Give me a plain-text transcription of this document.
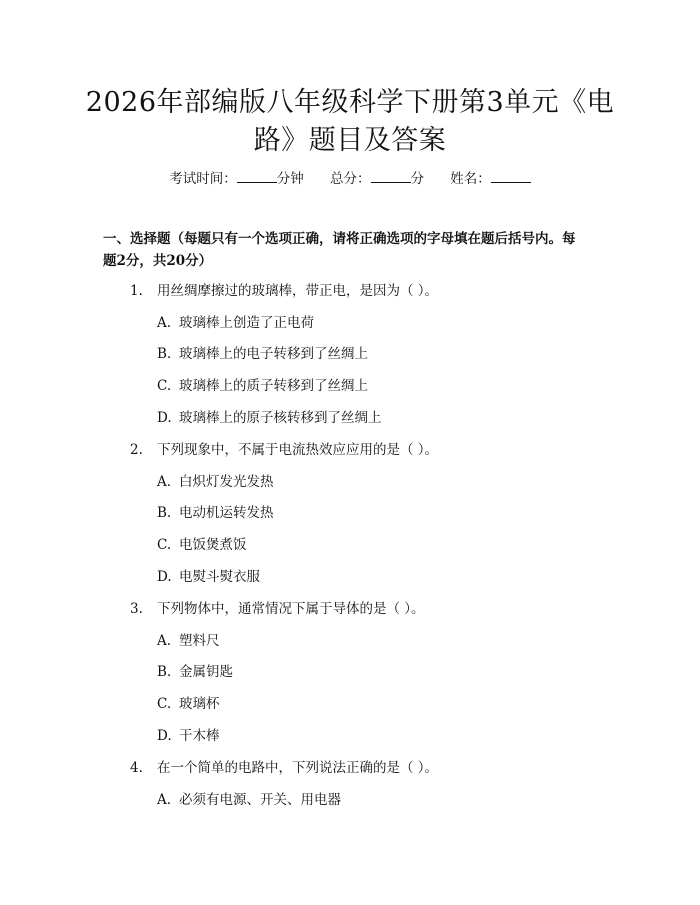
2026年部编版八年级科学下册第3单元《电
路》题目及答案
考试时间：	分钟 总分：	分 姓名：
一、选择题（每题只有一个选项正确，请将正确选项的字母填在题后括号内。每
题2分，共20分）
1. 用丝绸摩擦过的玻璃棒，带正电，是因为（ ）。
A. 玻璃棒上创造了正电荷
B. 玻璃棒上的电子转移到了丝绸上
C. 玻璃棒上的质子转移到了丝绸上
D. 玻璃棒上的原子核转移到了丝绸上
2. 下列现象中，不属于电流热效应应用的是（ ）。
A. 白炽灯发光发热
B. 电动机运转发热
C. 电饭煲煮饭
D. 电熨斗熨衣服
3. 下列物体中，通常情况下属于导体的是（ ）。
A. 塑料尺
B. 金属钥匙
C. 玻璃杯
D. 干木棒
4. 在一个简单的电路中，下列说法正确的是（ ）。
A. 必须有电源、开关、用电器
